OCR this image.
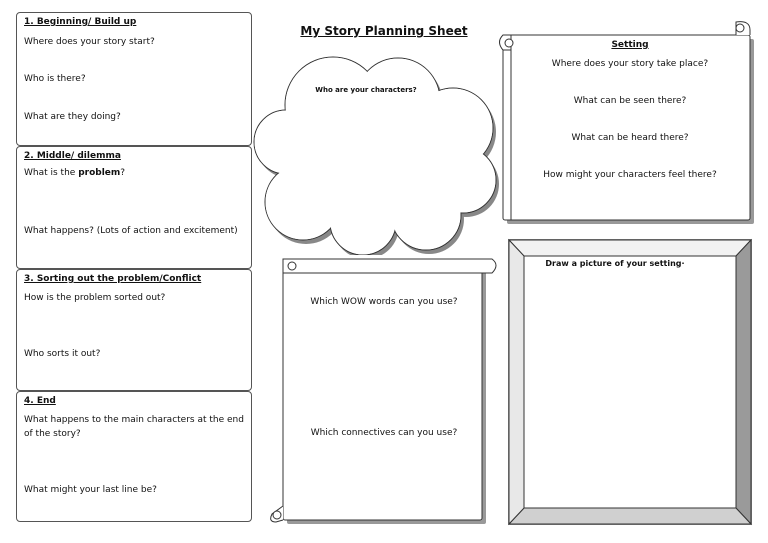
1. Beginning/ Build up
Where does your story start?
Who is there?
What are they doing?
2. Middle/ dilemma
What is the problem?
What happens? (Lots of action and excitement)
3. Sorting out the problem/Conflict
How is the problem sorted out?
Who sorts it out?
4. End
What happens to the main characters at the end of the story?
What might your last line be?
My Story Planning Sheet
Who are your characters?
Setting
Where does your story take place?
What can be seen there?
What can be heard there?
How might your characters feel there?
Which WOW words can you use?
Which connectives can you use?
Draw a picture of your setting·
